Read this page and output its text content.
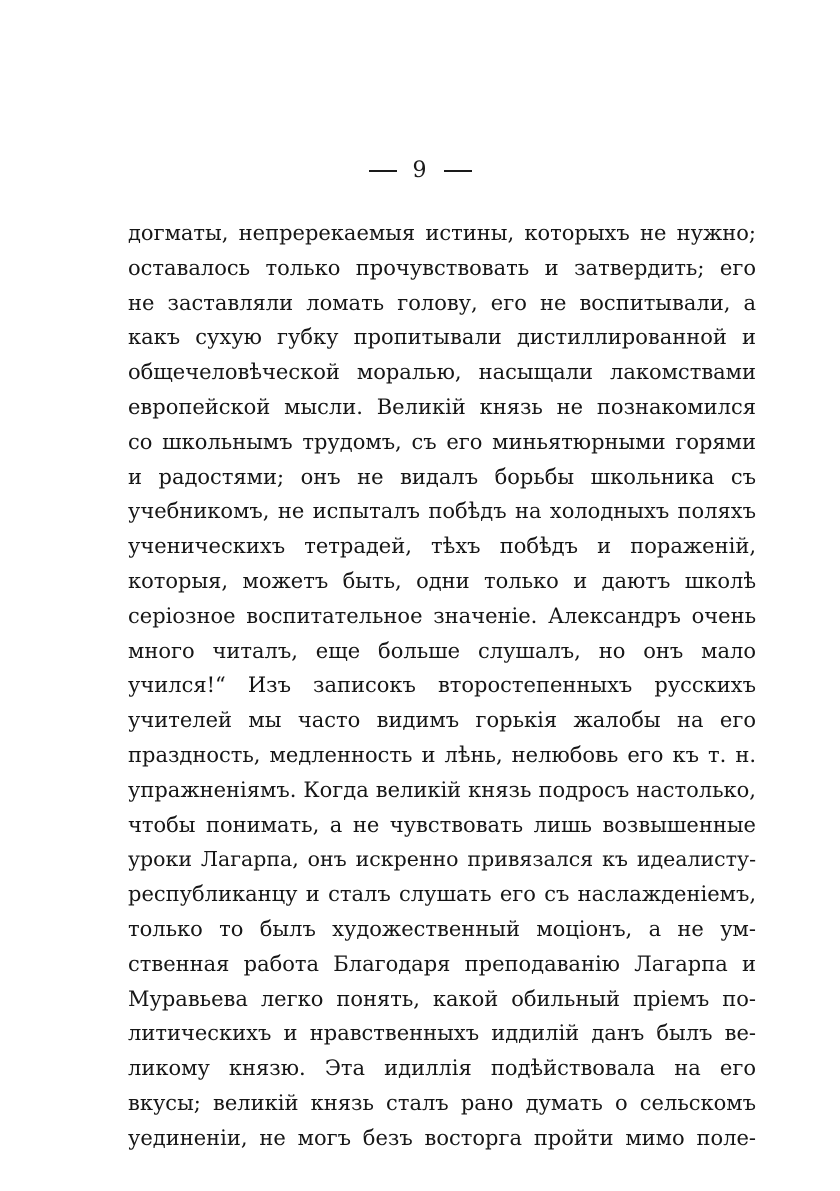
9
догматы, непререкаемыя истины, которыхъ не нужно;
оставалось только прочувствовать и затвердить; его
не заставляли ломать голову, его не воспитывали, а
какъ сухую губку пропитывали дистиллированной и
общечеловѣческой моралью, насыщали лакомствами
европейской мысли. Великій князь не познакомился
со школьнымъ трудомъ, съ его миньятюрными горями
и радостями; онъ не видалъ борьбы школьника съ
учебникомъ, не испыталъ побѣдъ на холодныхъ поляхъ
ученическихъ тетрадей, тѣхъ побѣдъ и пораженій,
которыя, можетъ быть, одни только и даютъ школѣ
серіозное воспитательное значеніе. Александръ очень
много читалъ, еще больше слушалъ, но онъ мало
учился!“ Изъ записокъ второстепенныхъ русскихъ
учителей мы часто видимъ горькія жалобы на его
праздность, медленность и лѣнь, нелюбовь его къ т. н.
упражненіямъ. Когда великій князь подросъ настолько,
чтобы понимать, а не чувствовать лишь возвышенные
уроки Лагарпа, онъ искренно привязался къ идеалисту-
республиканцу и сталъ слушать его съ наслажденіемъ,
только то былъ художественный моціонъ, а не ум-
ственная работа Благодаря преподаванію Лагарпа и
Муравьева легко понять, какой обильный пріемъ по-
литическихъ и нравственныхъ иддилій данъ былъ ве-
ликому князю. Эта идиллія подѣйствовала на его
вкусы; великій князь сталъ рано думать о сельскомъ
уединеніи, не могъ безъ восторга пройти мимо поле-
